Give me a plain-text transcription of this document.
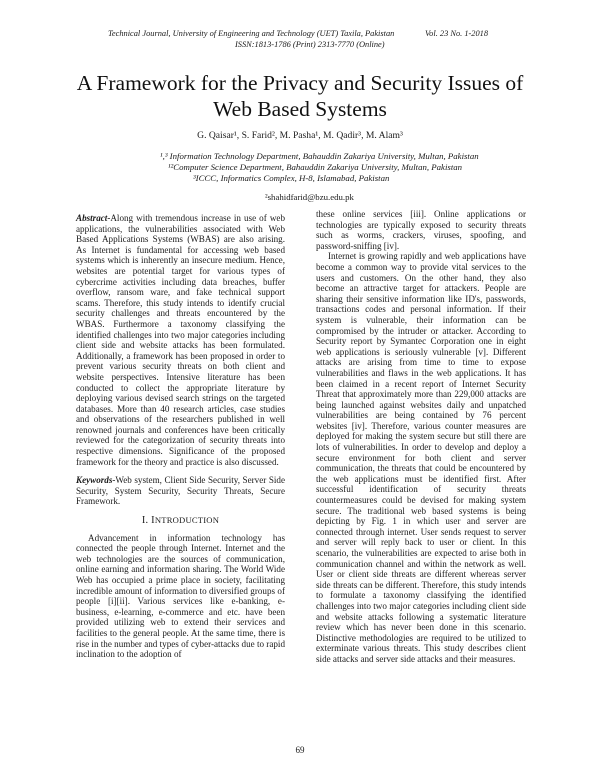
Technical Journal, University of Engineering and Technology (UET) Taxila, Pakistan	Vol. 23 No. 1-2018
ISSN:1813-1786 (Print) 2313-7770 (Online)
A Framework for the Privacy and Security Issues of Web Based Systems
G. Qaisar¹, S. Farid², M. Pasha¹, M. Qadir³, M. Alam³
¹,³ Information Technology Department, Bahauddin Zakariya University, Multan, Pakistan
¹²Computer Science Department, Bahauddin Zakariya University, Multan, Pakistan
³ICCC, Informatics Complex, H-8, Islamabad, Pakistan
²shahidfarid@bzu.edu.pk

Abstract-Along with tremendous increase in use of web applications, the vulnerabilities associated with Web Based Applications Systems (WBAS) are also arising. As Internet is fundamental for accessing web based systems which is inherently an insecure medium. Hence, websites are potential target for various types of cybercrime activities including data breaches, buffer overflow, ransom ware, and fake technical support scams. Therefore, this study intends to identify crucial security challenges and threats encountered by the WBAS. Furthermore a taxonomy classifying the identified challenges into two major categories including client side and website attacks has been formulated. Additionally, a framework has been proposed in order to prevent various security threats on both client and website perspectives. Intensive literature has been conducted to collect the appropriate literature by deploying various devised search strings on the targeted databases. More than 40 research articles, case studies and observations of the researchers published in well renowned journals and conferences have been critically reviewed for the categorization of security threats into respective dimensions. Significance of the proposed framework for the theory and practice is also discussed.

Keywords-Web system, Client Side Security, Server Side Security, System Security, Security Threats, Secure Framework.

I. INTRODUCTION

Advancement in information technology has connected the people through Internet. Internet and the web technologies are the sources of communication, online earning and information sharing. The World Wide Web has occupied a prime place in society, facilitating incredible amount of information to diversified groups of people [i][ii]. Various services like e-banking, e-business, e-learning, e-commerce and etc. have been provided utilizing web to extend their services and facilities to the general people. At the same time, there is rise in the number and types of cyber-attacks due to rapid inclination to the adoption of

these online services [iii]. Online applications or technologies are typically exposed to security threats such as worms, crackers, viruses, spoofing, and password-sniffing [iv].

Internet is growing rapidly and web applications have become a common way to provide vital services to the users and customers. On the other hand, they also become an attractive target for attackers. People are sharing their sensitive information like ID's, passwords, transactions codes and personal information. If their system is vulnerable, their information can be compromised by the intruder or attacker. According to Security report by Symantec Corporation one in eight web applications is seriously vulnerable [v]. Different attacks are arising from time to time to expose vulnerabilities and flaws in the web applications. It has been claimed in a recent report of Internet Security Threat that approximately more than 229,000 attacks are being launched against websites daily and unpatched vulnerabilities are being contained by 76 percent websites [iv]. Therefore, various counter measures are deployed for making the system secure but still there are lots of vulnerabilities. In order to develop and deploy a secure environment for both client and server communication, the threats that could be encountered by the web applications must be identified first. After successful identification of security threats countermeasures could be devised for making system secure. The traditional web based systems is being depicting by Fig. 1 in which user and server are connected through internet. User sends request to server and server will reply back to user or client. In this scenario, the vulnerabilities are expected to arise both in communication channel and within the network as well. User or client side threats are different whereas server side threats can be different. Therefore, this study intends to formulate a taxonomy classifying the identified challenges into two major categories including client side and website attacks following a systematic literature review which has never been done in this scenario. Distinctive methodologies are required to be utilized to exterminate various threats. This study describes client side attacks and server side attacks and their measures.

69
